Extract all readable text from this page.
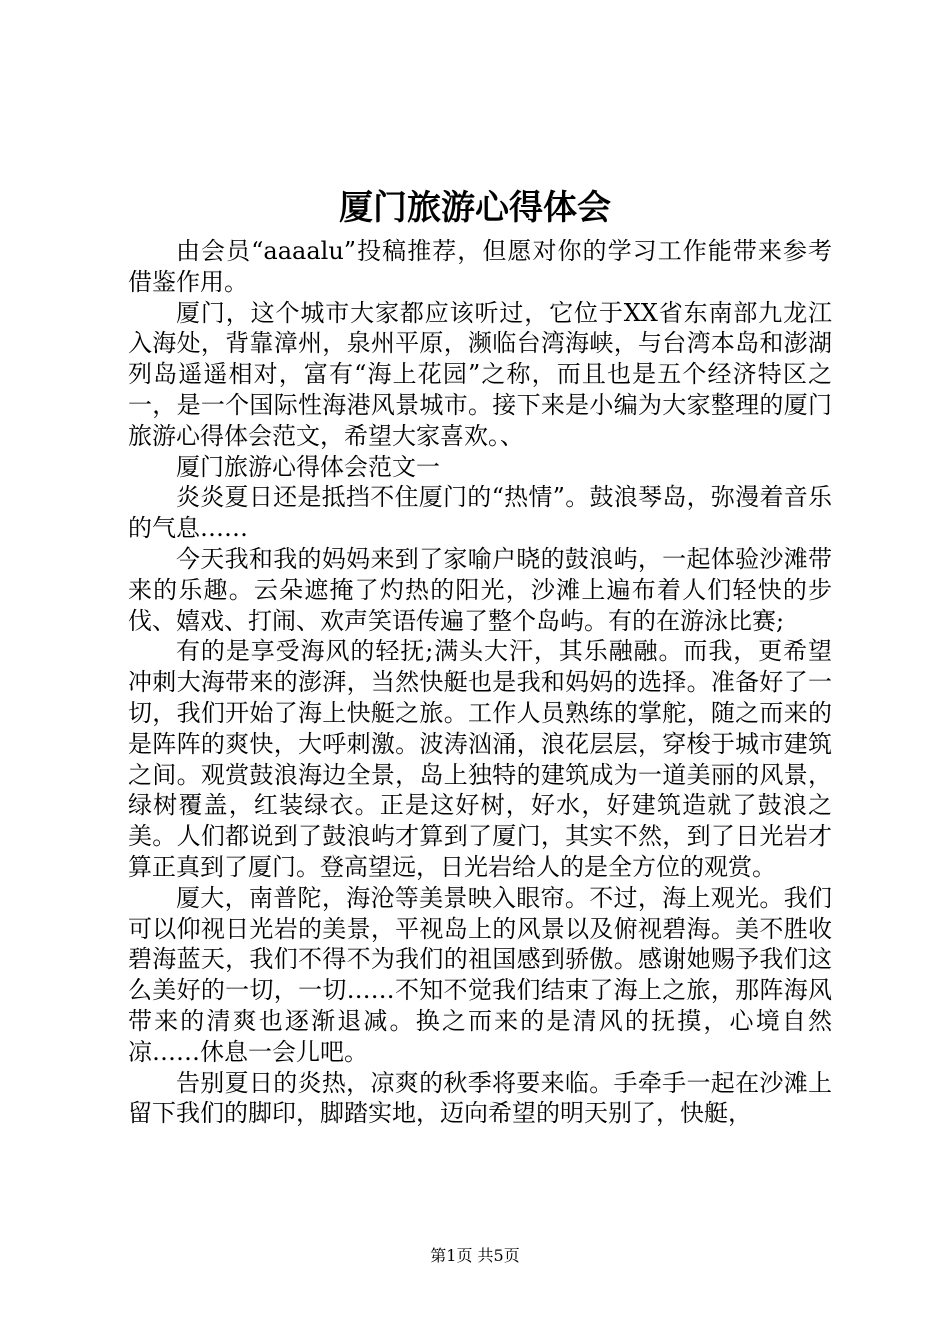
厦门旅游心得体会

由会员“aaaalu”投稿推荐，但愿对你的学习工作能带来参考借鉴作用。

厦门，这个城市大家都应该听过，它位于XX省东南部九龙江入海处，背靠漳州，泉州平原，濒临台湾海峡，与台湾本岛和澎湖列岛遥遥相对，富有“海上花园”之称，而且也是五个经济特区之一，是一个国际性海港风景城市。接下来是小编为大家整理的厦门旅游心得体会范文，希望大家喜欢。、

厦门旅游心得体会范文一

炎炎夏日还是抵挡不住厦门的“热情”。鼓浪琴岛，弥漫着音乐的气息……

今天我和我的妈妈来到了家喻户晓的鼓浪屿，一起体验沙滩带来的乐趣。云朵遮掩了灼热的阳光，沙滩上遍布着人们轻快的步伐、嬉戏、打闹、欢声笑语传遍了整个岛屿。有的在游泳比赛;

有的是享受海风的轻抚;满头大汗，其乐融融。而我，更希望冲刺大海带来的澎湃，当然快艇也是我和妈妈的选择。准备好了一切，我们开始了海上快艇之旅。工作人员熟练的掌舵，随之而来的是阵阵的爽快，大呼刺激。波涛汹涌，浪花层层，穿梭于城市建筑之间。观赏鼓浪海边全景，岛上独特的建筑成为一道美丽的风景，绿树覆盖，红装绿衣。正是这好树，好水，好建筑造就了鼓浪之美。人们都说到了鼓浪屿才算到了厦门，其实不然，到了日光岩才算正真到了厦门。登高望远，日光岩给人的是全方位的观赏。

厦大，南普陀，海沧等美景映入眼帘。不过，海上观光。我们可以仰视日光岩的美景，平视岛上的风景以及俯视碧海。美不胜收碧海蓝天，我们不得不为我们的祖国感到骄傲。感谢她赐予我们这么美好的一切，一切……不知不觉我们结束了海上之旅，那阵海风带来的清爽也逐渐退减。换之而来的是清风的抚摸，心境自然凉……休息一会儿吧。

告别夏日的炎热，凉爽的秋季将要来临。手牵手一起在沙滩上留下我们的脚印，脚踏实地，迈向希望的明天别了，快艇，

第1页 共5页
